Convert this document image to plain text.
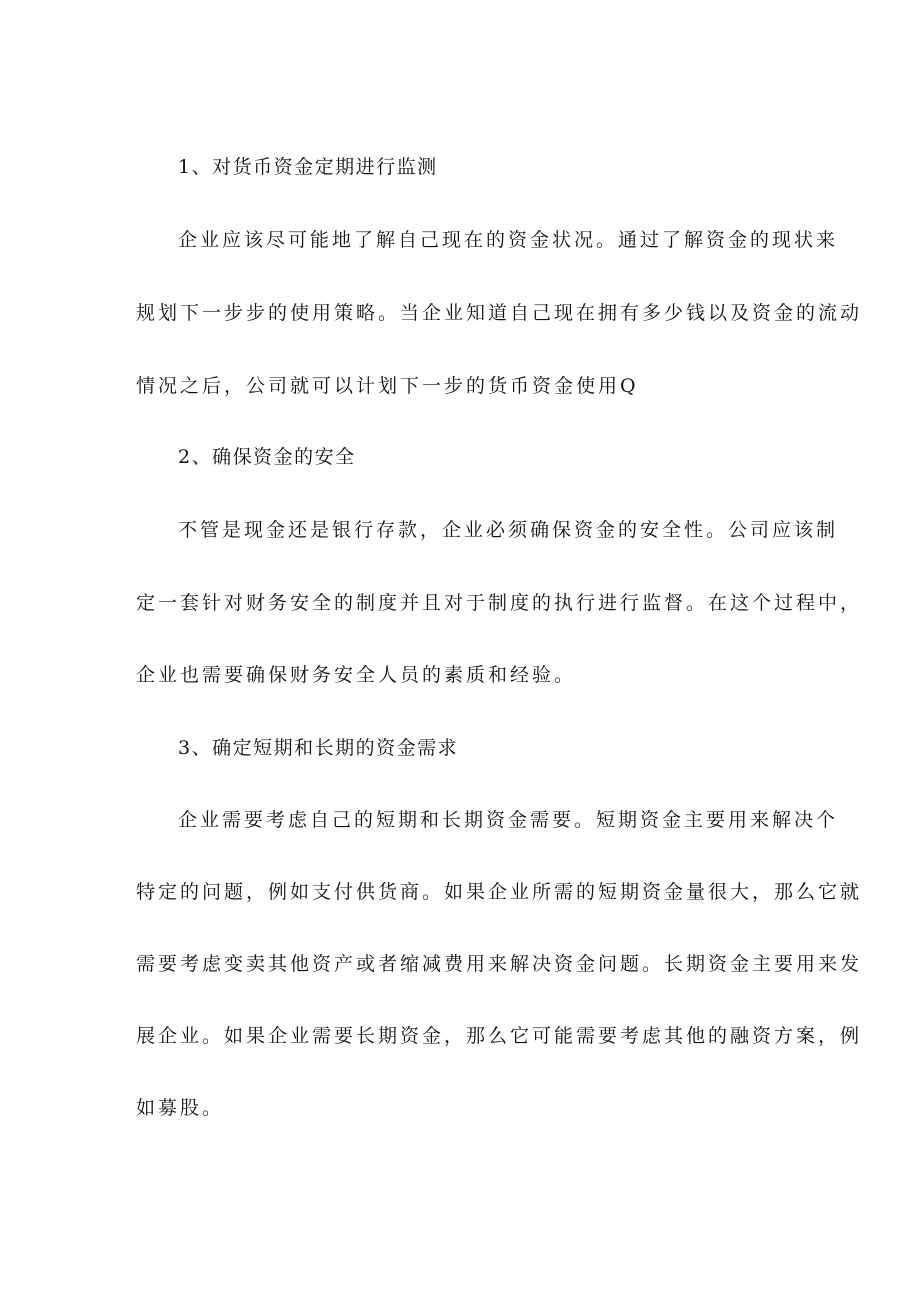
1、对货币资金定期进行监测
企业应该尽可能地了解自己现在的资金状况。通过了解资金的现状来
规划下一步步的使用策略。当企业知道自己现在拥有多少钱以及资金的流动
情况之后，公司就可以计划下一步的货币资金使用Q
2、确保资金的安全
不管是现金还是银行存款，企业必须确保资金的安全性。公司应该制
定一套针对财务安全的制度并且对于制度的执行进行监督。在这个过程中，
企业也需要确保财务安全人员的素质和经验。
3、确定短期和长期的资金需求
企业需要考虑自己的短期和长期资金需要。短期资金主要用来解决个
特定的问题，例如支付供货商。如果企业所需的短期资金量很大，那么它就
需要考虑变卖其他资产或者缩减费用来解决资金问题。长期资金主要用来发
展企业。如果企业需要长期资金，那么它可能需要考虑其他的融资方案，例
如募股。
